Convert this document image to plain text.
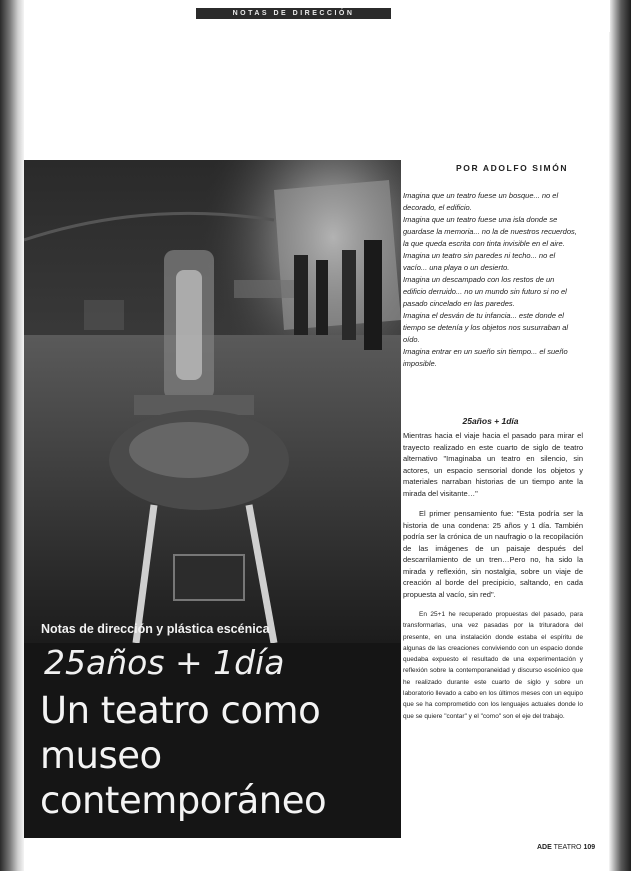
NOTAS DE DIRECCIÓN
Notas de dirección y plástica escénica
25años + 1día
Un teatro como museo contemporáneo
POR ADOLFO SIMÓN

Imagina que un teatro fuese un bosque... no el decorado, el edificio.

Imagina que un teatro fuese una isla donde se guardase la memoria... no la de nuestros recuerdos, la que queda escrita con tinta invisible en el aire.

Imagina un teatro sin paredes ni techo... no el vacío... una playa o un desierto.

Imagina un descampado con los restos de un edificio derruido... no un mundo sin futuro si no el pasado cincelado en las paredes.

Imagina el desván de tu infancia... este donde el tiempo se detenía y los objetos nos susurraban al oído.

Imagina entrar en un sueño sin tiempo... el sueño imposible.

25años + 1día

Mientras hacia el viaje hacia el pasado para mirar el trayecto realizado en este cuarto de siglo de teatro alternativo "Imaginaba un teatro en silencio, sin actores, un espacio sensorial donde los objetos y materiales narraban historias de un tiempo ante la mirada del visitante…"

El primer pensamiento fue: "Esta podría ser la historia de una condena: 25 años y 1 día. También podría ser la crónica de un naufragio o la recopilación de las imágenes de un paisaje después del descarrilamiento de un tren…Pero no, ha sido la mirada y reflexión, sin nostalgia, sobre un viaje de creación al borde del precipicio, saltando, en cada propuesta al vacío, sin red".

En 25+1 he recuperado propuestas del pasado, para transformarlas, una vez pasadas por la trituradora del presente, en una instalación donde estaba el espíritu de algunas de las creaciones conviviendo con un espacio donde quedaba expuesto el resultado de una experimentación y reflexión sobre la contemporaneidad y discurso escénico que he realizado durante este cuarto de siglo y sobre un laboratorio llevado a cabo en los últimos meses con un equipo que se ha comprometido con los lenguajes actuales donde lo que se quiere "contar" y el "como" son el eje del trabajo.

ADE TEATRO 109
